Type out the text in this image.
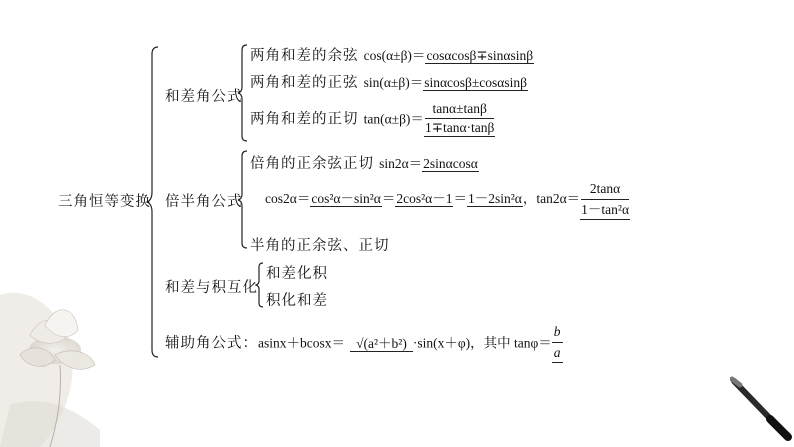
三角恒等变换
和差角公式
两角和差的余弦 cos(α±β)＝cosαcosβ∓sinαsinβ
两角和差的正弦 sin(α±β)＝sinαcosβ±cosαsinβ
两角和差的正切 $\tan(\alpha\pm\beta)= \frac{\tan\alpha\pm\tan\beta}{1\mp\tan\alpha\cdot\tan\beta}$
倍半角公式
倍角的正余弦正切 sin2α＝2sinαcosα
cos2α＝cos²α－sin²α＝2cos²α－1＝1－2sin²α，$\tan 2\alpha= \frac{2\tan\alpha}{\text{1－tan²α}}$
半角的正余弦、正切
和差与积互化
和差化积
积化和差
辅助角公式：asinx＋bcosx＝ √(a²＋b²) ·sin(x＋φ)，其中 $\tan\varphi= \frac{b}{a}$
